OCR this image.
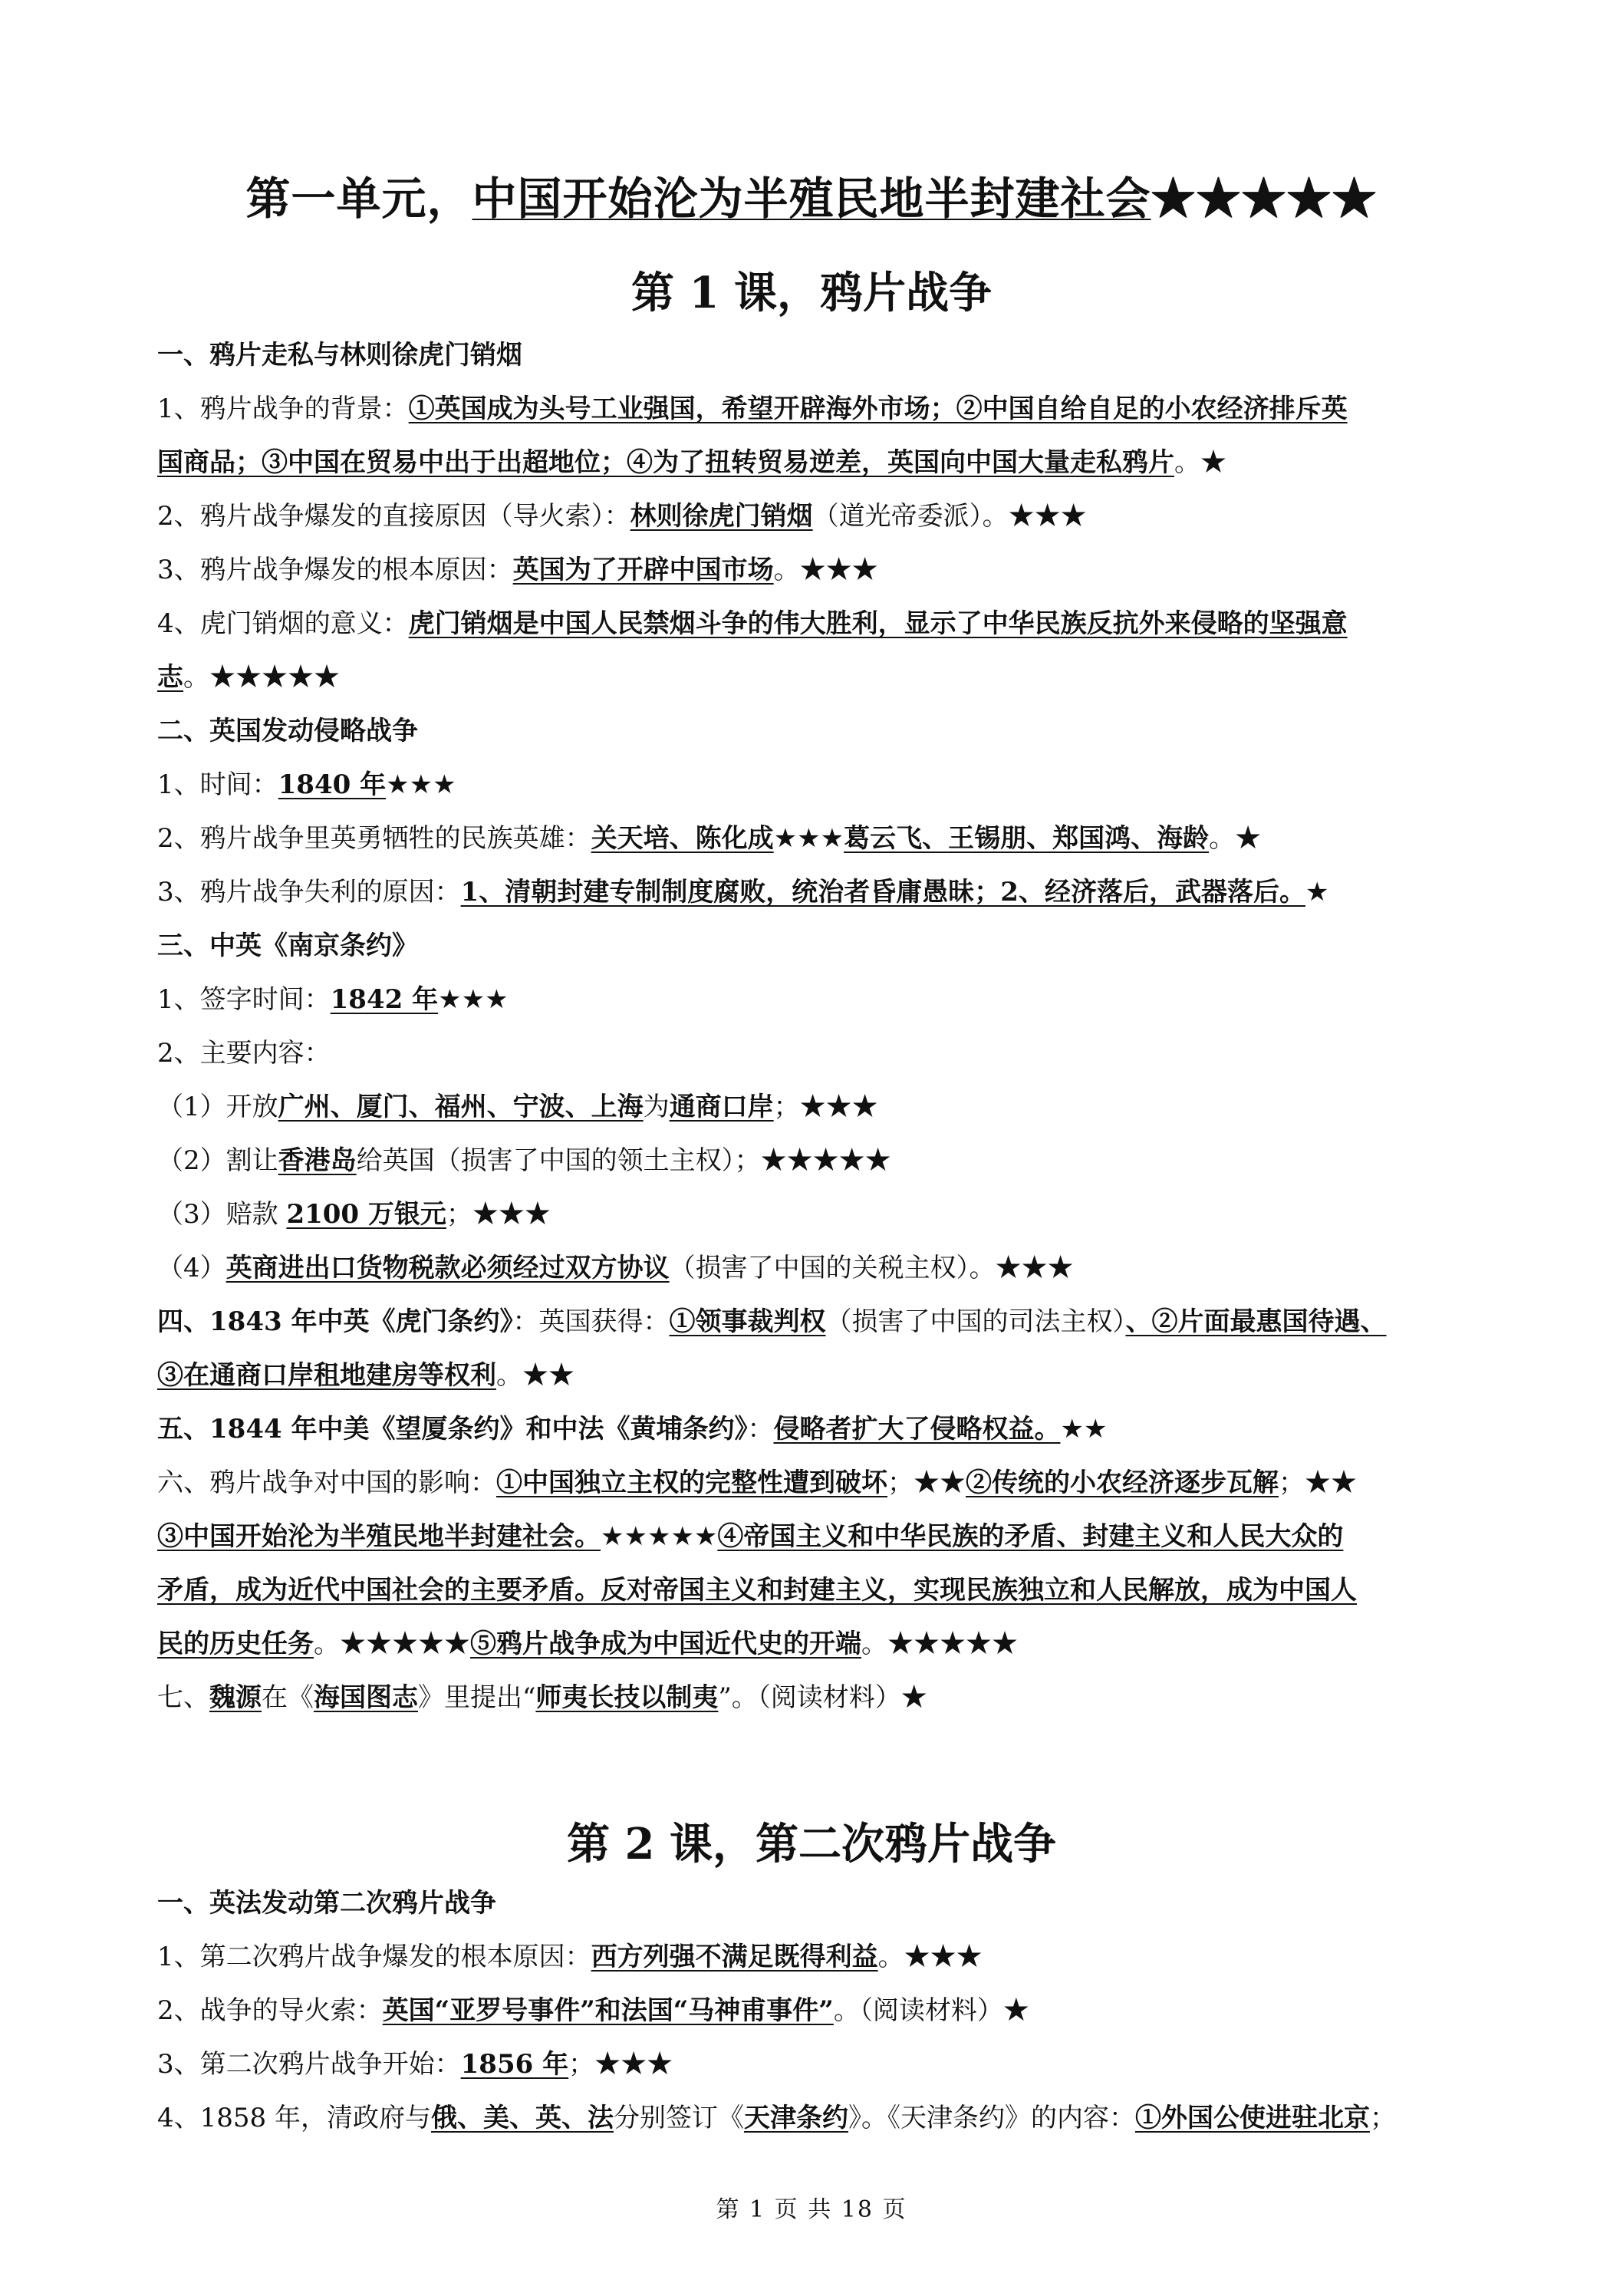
第一单元，中国开始沦为半殖民地半封建社会★★★★★
第 1 课，鸦片战争
一、鸦片走私与林则徐虎门销烟
1、鸦片战争的背景：①英国成为头号工业强国，希望开辟海外市场；②中国自给自足的小农经济排斥英
国商品；③中国在贸易中出于出超地位；④为了扭转贸易逆差，英国向中国大量走私鸦片。★
2、鸦片战争爆发的直接原因（导火索）：林则徐虎门销烟（道光帝委派）。★★★
3、鸦片战争爆发的根本原因：英国为了开辟中国市场。★★★
4、虎门销烟的意义：虎门销烟是中国人民禁烟斗争的伟大胜利，显示了中华民族反抗外来侵略的坚强意
志。★★★★★
二、英国发动侵略战争
1、时间：1840 年★★★
2、鸦片战争里英勇牺牲的民族英雄：关天培、陈化成★★★葛云飞、王锡朋、郑国鸿、海龄。★
3、鸦片战争失利的原因：1、清朝封建专制制度腐败，统治者昏庸愚昧；2、经济落后，武器落后。★
三、中英《南京条约》
1、签字时间：1842 年★★★
2、主要内容：
（1）开放广州、厦门、福州、宁波、上海为通商口岸；★★★
（2）割让香港岛给英国（损害了中国的领土主权）；★★★★★
（3）赔款 2100 万银元；★★★
（4）英商进出口货物税款必须经过双方协议（损害了中国的关税主权）。★★★
四、1843 年中英《虎门条约》：英国获得：①领事裁判权（损害了中国的司法主权）、②片面最惠国待遇、
③在通商口岸租地建房等权利。★★
五、1844 年中美《望厦条约》和中法《黄埔条约》：侵略者扩大了侵略权益。★★
六、鸦片战争对中国的影响：①中国独立主权的完整性遭到破坏；★★②传统的小农经济逐步瓦解；★★
③中国开始沦为半殖民地半封建社会。★★★★★④帝国主义和中华民族的矛盾、封建主义和人民大众的
矛盾，成为近代中国社会的主要矛盾。反对帝国主义和封建主义，实现民族独立和人民解放，成为中国人
民的历史任务。★★★★★⑤鸦片战争成为中国近代史的开端。★★★★★
七、魏源在《海国图志》里提出“师夷长技以制夷”。（阅读材料）★
第 2 课，第二次鸦片战争
一、英法发动第二次鸦片战争
1、第二次鸦片战争爆发的根本原因：西方列强不满足既得利益。★★★
2、战争的导火索：英国“亚罗号事件”和法国“马神甫事件”。（阅读材料）★
3、第二次鸦片战争开始：1856 年；★★★
4、1858 年，清政府与俄、美、英、法分别签订《天津条约》。《天津条约》的内容：①外国公使进驻北京；
第 1 页 共 18 页
